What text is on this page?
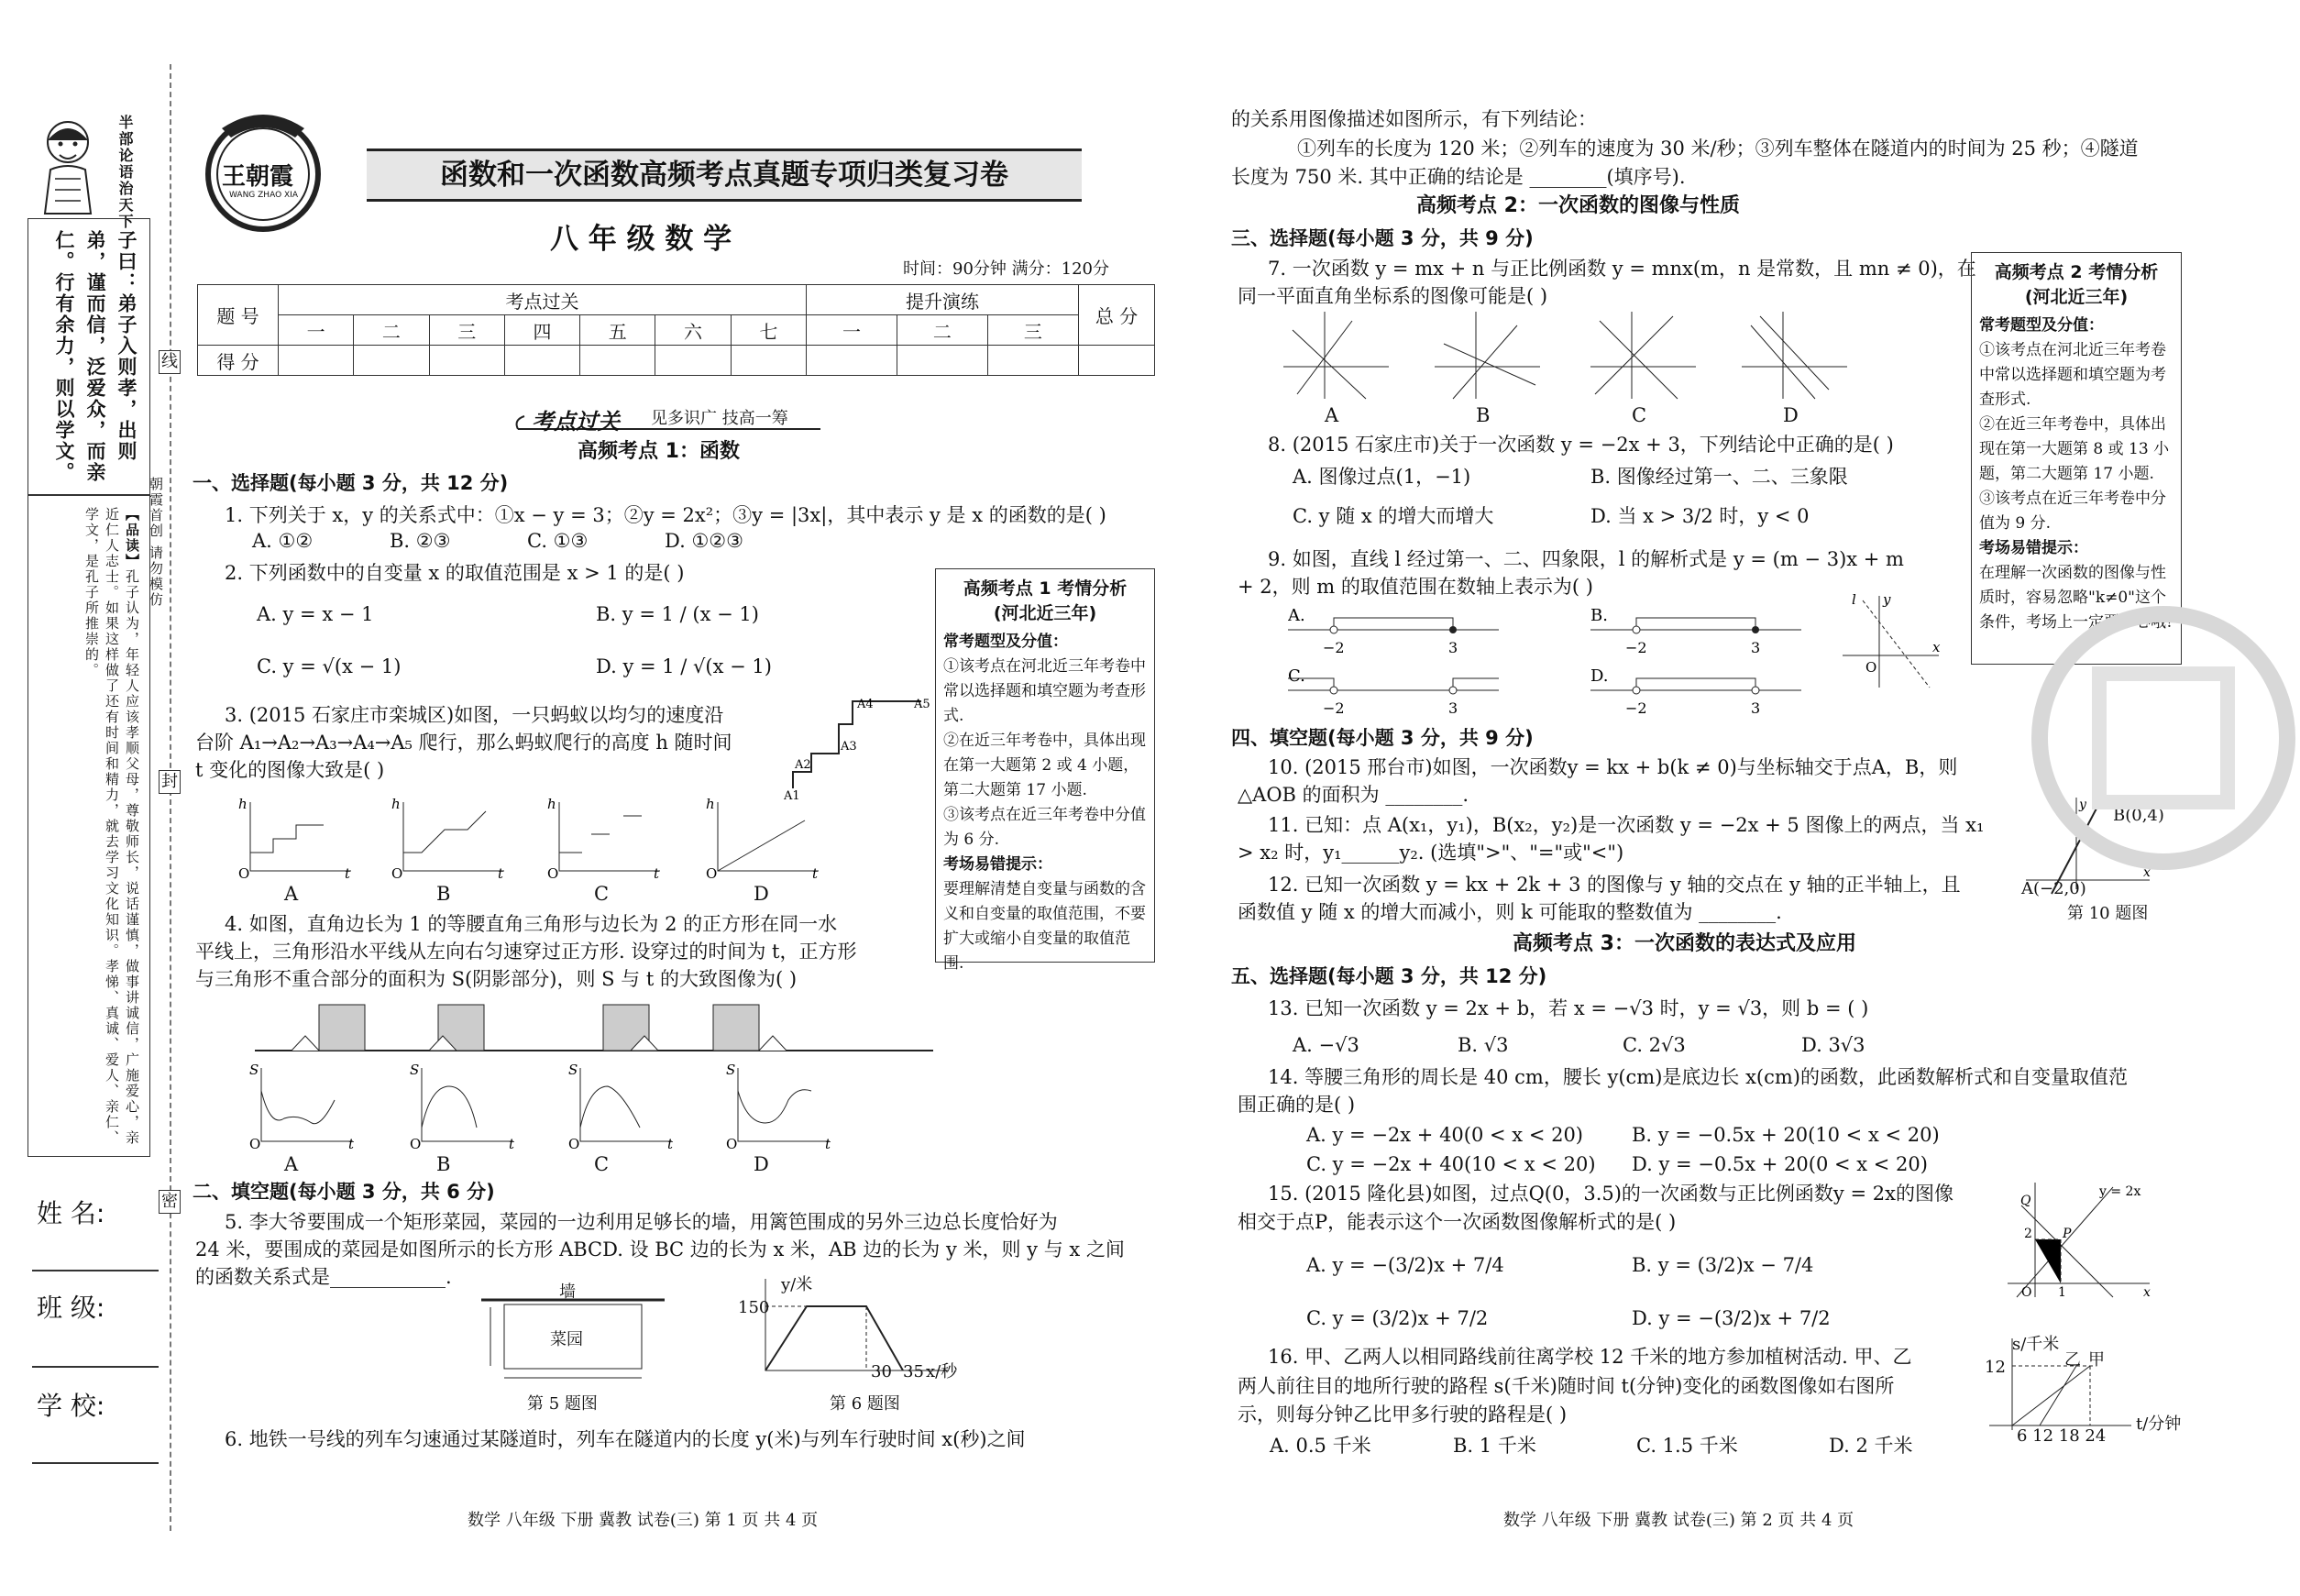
半部论语治天下
子曰：弟子入则孝，出则弟，谨而信，泛爱众，而亲仁。行有余力，则以学文。
【品读】孔子认为，年轻人应该孝顺父母，尊敬师长，说话谨慎，做事讲诚信，广施爱心，亲近仁人志士。如果这样做了还有时间和精力，就去学习文化知识。孝悌、真诚、爱人、亲仁、学文，是孔子所推崇的。	朝霞首创 请勿模仿
线
封
密
姓 名:
班 级:
学 校:
王朝霞
WANG ZHAO XIA
函数和一次函数高频考点真题专项归类复习卷
八 年 级 数 学
时间：90分钟 满分：120分
题 号	考点过关							提升演练			总 分
	一	二	三	四	五	六	七	一	二	三	
得 分											
考点过关 见多识广 技高一筹
高频考点 1：函数
一、选择题(每小题 3 分，共 12 分)
1. 下列关于 x，y 的关系式中：①x − y = 3；②y = 2x²；③y = |3x|，其中表示 y 是 x 的函数的是( )
A. ①②	B. ②③	C. ①③	D. ①②③
2. 下列函数中的自变量 x 的取值范围是 x > 1 的是( )
A. y = x − 1	B. y = 1 / (x − 1)
C. y = √(x − 1)	D. y = 1 / √(x − 1)
3. (2015 石家庄市栾城区)如图，一只蚂蚁以均匀的速度沿
台阶 A₁→A₂→A₃→A₄→A₅ 爬行，那么蚂蚁爬行的高度 h 随时间
t 变化的图像大致是( )
A1
A2
A3
A4	A5
h
O	t
h
O	t
h
O	t
h
O	t
A	B	C	D
4. 如图，直角边长为 1 的等腰直角三角形与边长为 2 的正方形在同一水
平线上，三角形沿水平线从左向右匀速穿过正方形. 设穿过的时间为 t，正方形
与三角形不重合部分的面积为 S(阴影部分)，则 S 与 t 的大致图像为( )
S
O	t
S
O	t
S
O	t
S
O	t
A	B	C	D
二、填空题(每小题 3 分，共 6 分)
5. 李大爷要围成一个矩形菜园，菜园的一边利用足够长的墙，用篱笆围成的另外三边总长度恰好为
24 米，要围成的菜园是如图所示的长方形 ABCD. 设 BC 边的长为 x 米，AB 边的长为 y 米，则 y 与 x 之间
的函数关系式是____________.
墙
菜园
第 5 题图
y/米
150
30 35 x/秒
第 6 题图
6. 地铁一号线的列车匀速通过某隧道时，列车在隧道内的长度 y(米)与列车行驶时间 x(秒)之间
高频考点 1 考情分析
(河北近三年)
常考题型及分值：
①该考点在河北近三年考卷中常以选择题和填空题为考查形式.
②在近三年考卷中，具体出现在第一大题第 2 或 4 小题，第二大题第 17 小题.
③该考点在近三年考卷中分值为 6 分.
考场易错提示：
要理解清楚自变量与函数的含义和自变量的取值范围，不要扩大或缩小自变量的取值范围.
数学 八年级 下册 冀教 试卷(三) 第 1 页 共 4 页
的关系用图像描述如图所示，有下列结论：
①列车的长度为 120 米；②列车的速度为 30 米/秒；③列车整体在隧道内的时间为 25 秒；④隧道
长度为 750 米. 其中正确的结论是 ________(填序号).
高频考点 2：一次函数的图像与性质
三、选择题(每小题 3 分，共 9 分)
7. 一次函数 y = mx + n 与正比例函数 y = mnx(m，n 是常数，且 mn ≠ 0)，在
同一平面直角坐标系的图像可能是( )
A	B	C	D
8. (2015 石家庄市)关于一次函数 y = −2x + 3，下列结论中正确的是( )
A. 图像过点(1，−1)	B. 图像经过第一、二、三象限
C. y 随 x 的增大而增大	D. 当 x > 3/2 时，y < 0
9. 如图，直线 l 经过第一、二、四象限，l 的解析式是 y = (m − 3)x + m
+ 2，则 m 的取值范围在数轴上表示为( )
−2	3
A.
−2	3
B.
−2	3
C.
−2	3
D.
l y
x
O
四、填空题(每小题 3 分，共 9 分)
10. (2015 邢台市)如图，一次函数y = kx + b(k ≠ 0)与坐标轴交于点A，B，则
△AOB 的面积为 ________.
11. 已知：点 A(x₁，y₁)，B(x₂，y₂)是一次函数 y = −2x + 5 图像上的两点，当 x₁
> x₂ 时，y₁______y₂. (选填">"、"="或"<")
12. 已知一次函数 y = kx + 2k + 3 的图像与 y 轴的交点在 y 轴的正半轴上，且
函数值 y 随 x 的增大而减小，则 k 可能取的整数值为 ________.
y
x
B(0,4)
A(−2,0)
第 10 题图
高频考点 3：一次函数的表达式及应用
五、选择题(每小题 3 分，共 12 分)
13. 已知一次函数 y = 2x + b，若 x = −√3 时，y = √3，则 b = ( )
A. −√3	B. √3	C. 2√3	D. 3√3
14. 等腰三角形的周长是 40 cm，腰长 y(cm)是底边长 x(cm)的函数，此函数解析式和自变量取值范
围正确的是( )
A. y = −2x + 40(0 < x < 20)	B. y = −0.5x + 20(10 < x < 20)
C. y = −2x + 40(10 < x < 20) D. y = −0.5x + 20(0 < x < 20)
15. (2015 隆化县)如图，过点Q(0，3.5)的一次函数与正比例函数y = 2x的图像
相交于点P，能表示这个一次函数图像解析式的是( )
A. y = −(3/2)x + 7/4	B. y = (3/2)x − 7/4
C. y = (3/2)x + 7/2	D. y = −(3/2)x + 7/2
y = 2x
2 P
Q
O 1	x
16. 甲、乙两人以相同路线前往离学校 12 千米的地方参加植树活动. 甲、乙
两人前往目的地所行驶的路程 s(千米)随时间 t(分钟)变化的函数图像如右图所
示，则每分钟乙比甲多行驶的路程是( )
A. 0.5 千米	B. 1 千米	C. 1.5 千米	D. 2 千米
s/千米
乙 甲
12
6 12 18 24
t/分钟
高频考点 2 考情分析
(河北近三年)
常考题型及分值：
①该考点在河北近三年考卷中常以选择题和填空题为考查形式.
②在近三年考卷中，具体出现在第一大题第 8 或 13 小题，第二大题第 17 小题.
③该考点在近三年考卷中分值为 9 分.
考场易错提示：
在理解一次函数的图像与性质时，容易忽略"k≠0"这个条件，考场上一定要小心哦!
数学 八年级 下册 冀教 试卷(三) 第 2 页 共 4 页
